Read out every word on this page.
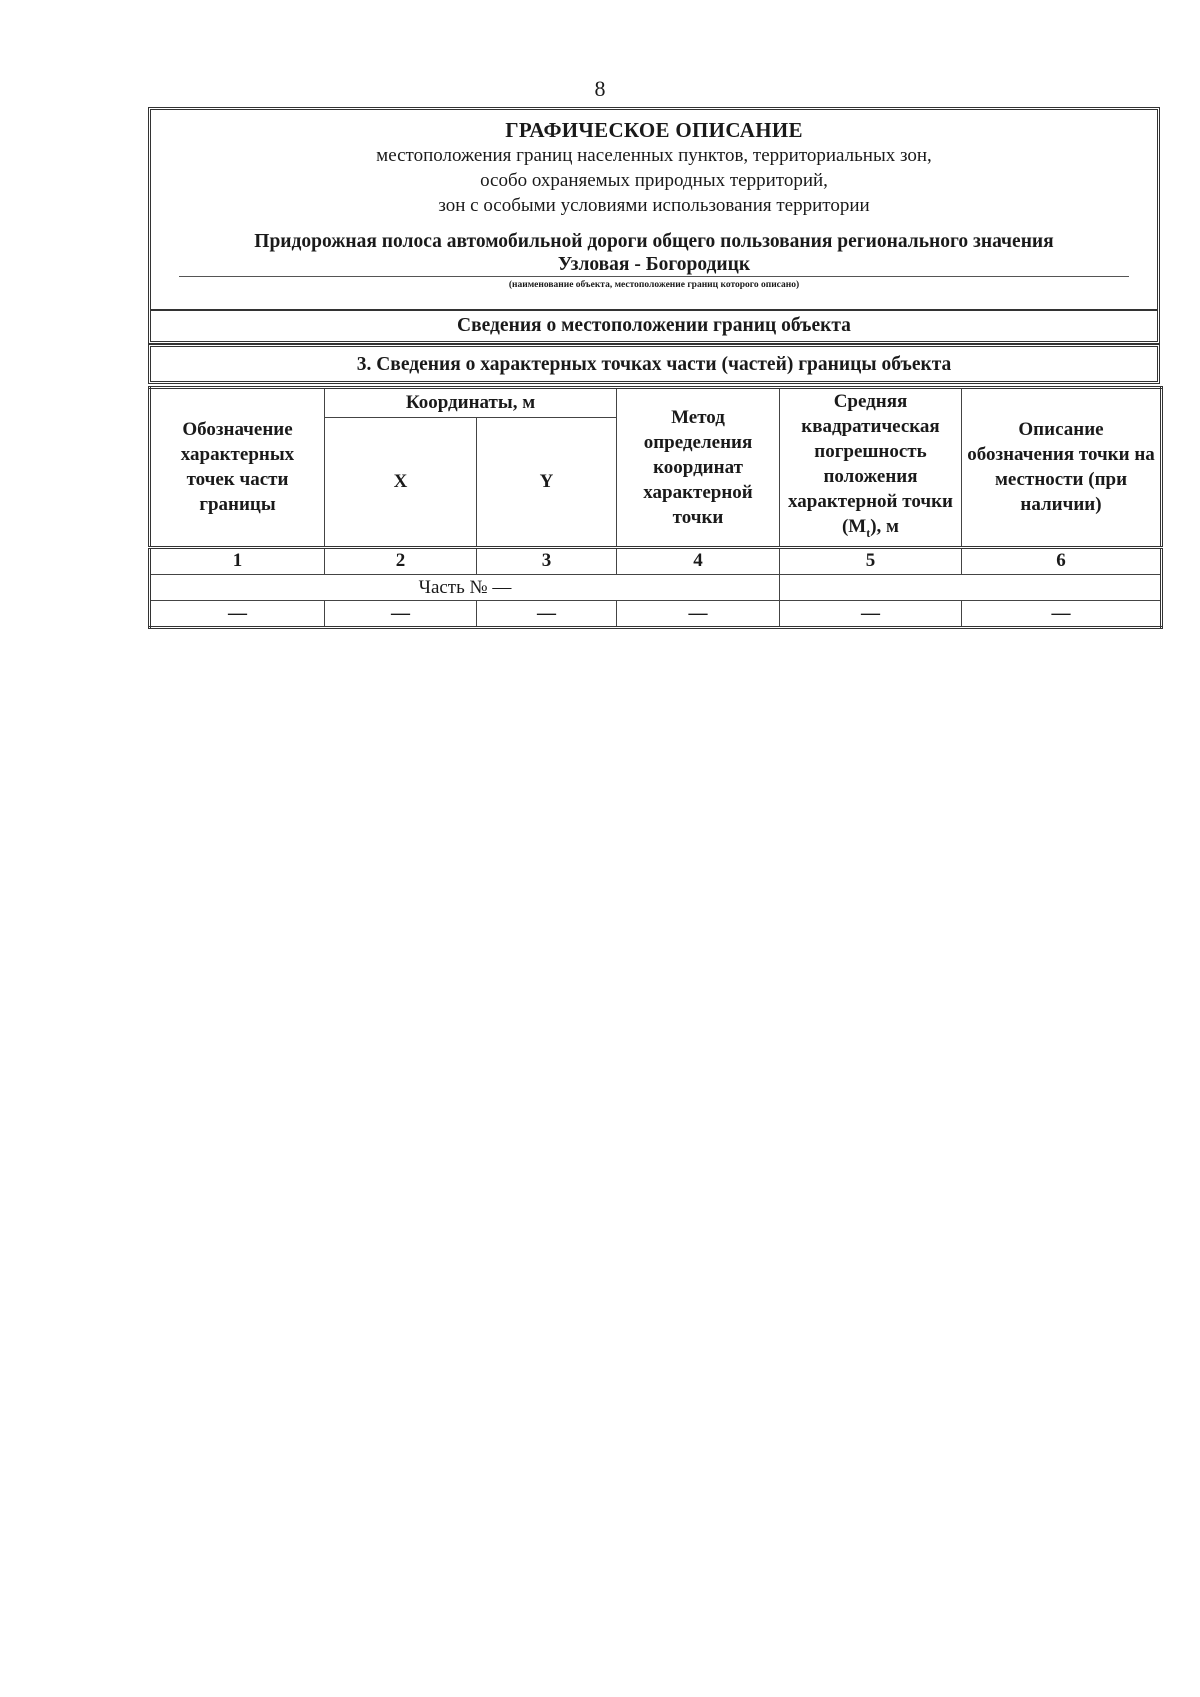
8
ГРАФИЧЕСКОЕ ОПИСАНИЕ
местоположения границ населенных пунктов, территориальных зон,
особо охраняемых природных территорий,
зон с особыми условиями использования территории
Придорожная полоса автомобильной дороги общего пользования регионального значения
Узловая - Богородицк
(наименование объекта, местоположение границ которого описано)
Сведения о местоположении границ объекта
3. Сведения о характерных точках части (частей) границы объекта
Обозначение характерных точек части границы	Координаты, м		Метод определения координат характерной точки	Средняя квадратическая погрешность положения характерной точки $(M_t)$, м	Описание обозначения точки на местности (при наличии)
	X	Y			
1	2	3	4	5	6
Часть № —					
—	—	—	—	—	—
